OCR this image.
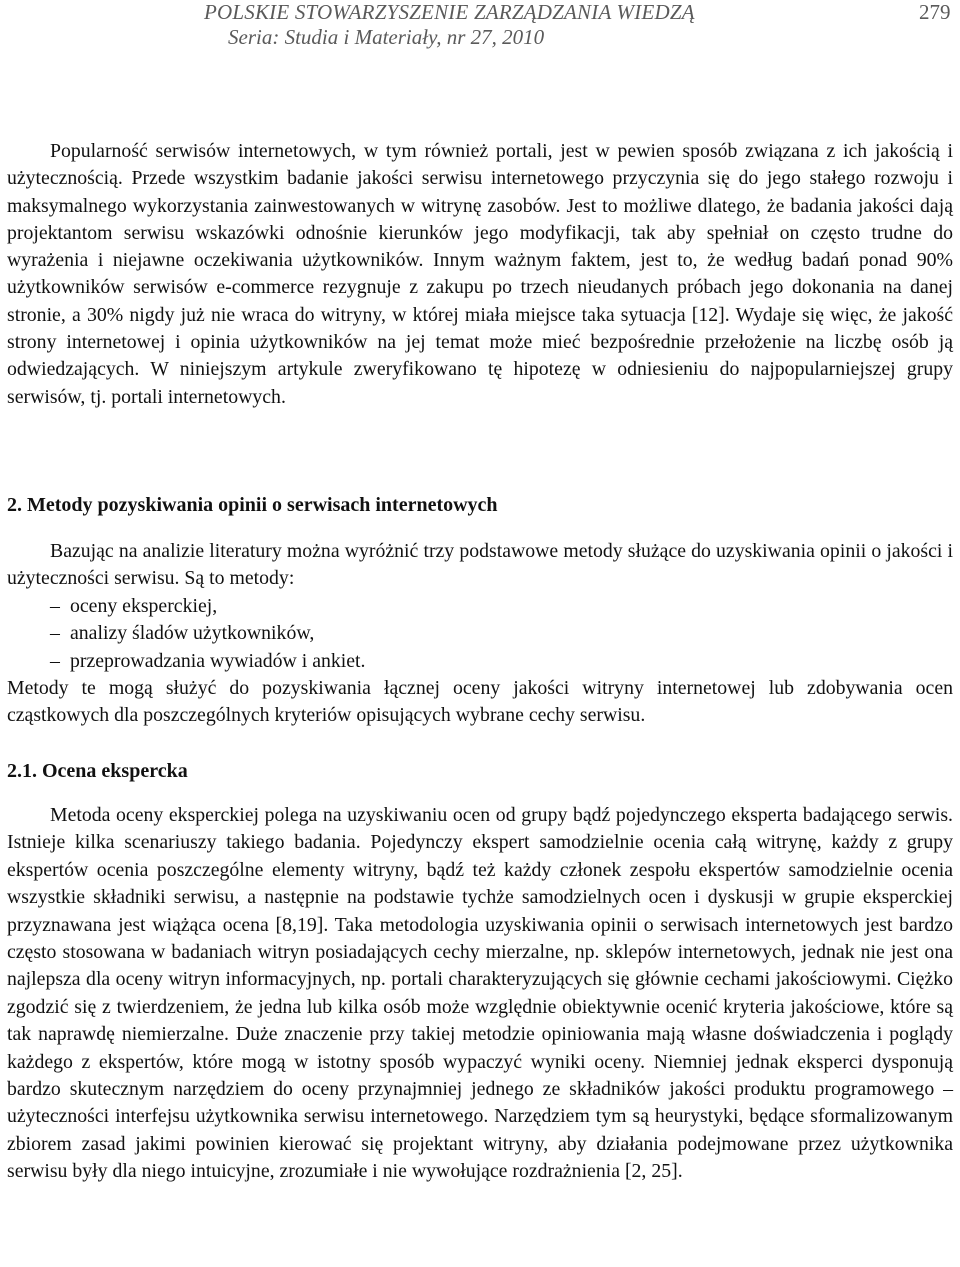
POLSKIE STOWARZYSZENIE ZARZĄDZANIA WIEDZĄ
Seria: Studia i Materiały, nr 27, 2010
279

Popularność serwisów internetowych, w tym również portali, jest w pewien sposób związana z ich jakością i użytecznością. Przede wszystkim badanie jakości serwisu internetowego przyczynia się do jego stałego rozwoju i maksymalnego wykorzystania zainwestowanych w witrynę zasobów. Jest to możliwe dlatego, że badania jakości dają projektantom serwisu wskazówki odnośnie kierunków jego modyfikacji, tak aby spełniał on często trudne do wyrażenia i niejawne oczekiwania użytkowników. Innym ważnym faktem, jest to, że według badań ponad 90% użytkowników serwisów e-commerce rezygnuje z zakupu po trzech nieudanych próbach jego dokonania na danej stronie, a 30% nigdy już nie wraca do witryny, w której miała miejsce taka sytuacja [12]. Wydaje się więc, że jakość strony internetowej i opinia użytkowników na jej temat może mieć bezpośrednie przełożenie na liczbę osób ją odwiedzających. W niniejszym artykule zweryfikowano tę hipotezę w odniesieniu do najpopularniejszej grupy serwisów, tj. portali internetowych.

2. Metody pozyskiwania opinii o serwisach internetowych

Bazując na analizie literatury można wyróżnić trzy podstawowe metody służące do uzyskiwania opinii o jakości i użyteczności serwisu. Są to metody:

– oceny eksperckiej,
– analizy śladów użytkowników,
– przeprowadzania wywiadów i ankiet.

Metody te mogą służyć do pozyskiwania łącznej oceny jakości witryny internetowej lub zdobywania ocen cząstkowych dla poszczególnych kryteriów opisujących wybrane cechy serwisu.

2.1. Ocena ekspercka

Metoda oceny eksperckiej polega na uzyskiwaniu ocen od grupy bądź pojedynczego eksperta badającego serwis. Istnieje kilka scenariuszy takiego badania. Pojedynczy ekspert samodzielnie ocenia całą witrynę, każdy z grupy ekspertów ocenia poszczególne elementy witryny, bądź też każdy członek zespołu ekspertów samodzielnie ocenia wszystkie składniki serwisu, a następnie na podstawie tychże samodzielnych ocen i dyskusji w grupie eksperckiej przyznawana jest wiążąca ocena [8,19]. Taka metodologia uzyskiwania opinii o serwisach internetowych jest bardzo często stosowana w badaniach witryn posiadających cechy mierzalne, np. sklepów internetowych, jednak nie jest ona najlepsza dla oceny witryn informacyjnych, np. portali charakteryzujących się głównie cechami jakościowymi. Ciężko zgodzić się z twierdzeniem, że jedna lub kilka osób może względnie obiektywnie ocenić kryteria jakościowe, które są tak naprawdę niemierzalne. Duże znaczenie przy takiej metodzie opiniowania mają własne doświadczenia i poglądy każdego z ekspertów, które mogą w istotny sposób wypaczyć wyniki oceny. Niemniej jednak eksperci dysponują bardzo skutecznym narzędziem do oceny przynajmniej jednego ze składników jakości produktu programowego – użyteczności interfejsu użytkownika serwisu internetowego. Narzędziem tym są heurystyki, będące sformalizowanym zbiorem zasad jakimi powinien kierować się projektant witryny, aby działania podejmowane przez użytkownika serwisu były dla niego intuicyjne, zrozumiałe i nie wywołujące rozdrażnienia [2, 25].
